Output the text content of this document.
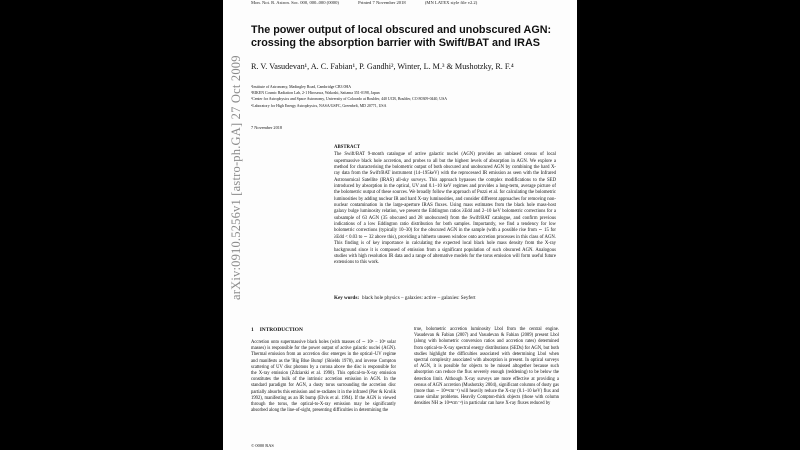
Mon. Not. R. Astron. Soc. 000, 000–000 (0000)	Printed 7 November 2018	(MN LATEX style file v2.2)
arXiv:0910.5256v1 [astro-ph.GA] 27 Oct 2009
The power output of local obscured and unobscured AGN: crossing the absorption barrier with Swift/BAT and IRAS
R. V. Vasudevan¹, A. C. Fabian¹, P. Gandhi², Winter, L. M.³ & Mushotzky, R. F.⁴
¹Institute of Astronomy, Madingley Road, Cambridge CB3 0HA
²RIKEN Cosmic Radiation Lab, 2-1 Hirosawa, Wakoshi, Saitama 351-0198, Japan
³Center for Astrophysics and Space Astronomy, University of Colorado at Boulder, 440 UCB, Boulder, CO 80309-0440, USA
⁴Laboratory for High Energy Astrophysics, NASA/GSFC, Greenbelt, MD 20771, USA
7 November 2018
ABSTRACT
The Swift/BAT 9-month catalogue of active galactic nuclei (AGN) provides an unbiased census of local supermassive black hole accretion, and probes to all but the highest levels of absorption in AGN. We explore a method for characterising the bolometric output of both obscured and unobscured AGN by combining the hard X-ray data from the Swift/BAT instrument (14–195keV) with the reprocessed IR emission as seen with the Infrared Astronomical Satellite (IRAS) all-sky surveys. This approach bypasses the complex modifications to the SED introduced by absorption in the optical, UV and 0.1–10 keV regimes and provides a long-term, average picture of the bolometric output of these sources. We broadly follow the approach of Pozzi et al. for calculating the bolometric luminosities by adding nuclear IR and hard X-ray luminosities, and consider different approaches for removing non-nuclear contamination in the large-aperture IRAS fluxes. Using mass estimates from the black hole mass-host galaxy bulge luminosity relation, we present the Eddington ratios λEdd and 2–10 keV bolometric corrections for a subsample of 63 AGN (35 obscured and 28 unobscured) from the Swift/BAT catalogue, and confirm previous indications of a low Eddington ratio distribution for both samples. Importantly, we find a tendency for low bolometric corrections (typically 10–30) for the obscured AGN in the sample (with a possible rise from ∼ 15 for λEdd < 0.03 to ∼ 32 above this), providing a hitherto unseen window onto accretion processes in this class of AGN. This finding is of key importance in calculating the expected local black hole mass density from the X-ray background since it is composed of emission from a significant population of such obscured AGN. Analogous studies with high resolution IR data and a range of alternative models for the torus emission will form useful future extensions to this work.
Key words: black hole physics – galaxies: active – galaxies: Seyfert
1 INTRODUCTION
Accretion onto supermassive black holes (with masses of ∼ 10⁶ − 10⁹ solar masses) is responsible for the power output of active galactic nuclei (AGN). Thermal emission from an accretion disc emerges in the optical–UV regime and manifests as the 'Big Blue Bump' (Shields 1978), and inverse Compton scattering of UV disc photons by a corona above the disc is responsible for the X-ray emission (Zdziarski et al. 1990). This optical-to-X-ray emission constitutes the bulk of the intrinsic accretion emission in AGN. In the standard paradigm for AGN, a dusty torus surrounding the accretion disc partially absorbs this emission and re-radiates it in the infrared (Pier & Krolik 1992), manifesting as an IR bump (Elvis et al. 1994). If the AGN is viewed through the torus, the optical-to-X-ray emission may be significantly absorbed along the line-of-sight, presenting difficulties in determining the
true, bolometric accretion luminosity Lbol from the central engine. Vasudevan & Fabian (2007) and Vasudevan & Fabian (2009) present Lbol (along with bolometric conversion ratios and accretion rates) determined from optical-to-X-ray spectral energy distributions (SEDs) for AGN, but both studies highlight the difficulties associated with determining Lbol when spectral complexity associated with absorption is present. In optical surveys of AGN, it is possible for objects to be missed altogether because such absorption can reduce the flux severely enough (reddening) to be below the detection limit. Although X-ray surveys are more effective at providing a census of AGN accretion (Mushotzky 2004), significant columns of dusty gas (more than ∼ 10²⁴cm⁻²) will heavily reduce the X-ray (0.1–10 keV) flux and cause similar problems. Heavily Compton-thick objects (those with column densities NH ≳ 10²⁴cm⁻²) in particular can have X-ray fluxes reduced by
© 0000 RAS
